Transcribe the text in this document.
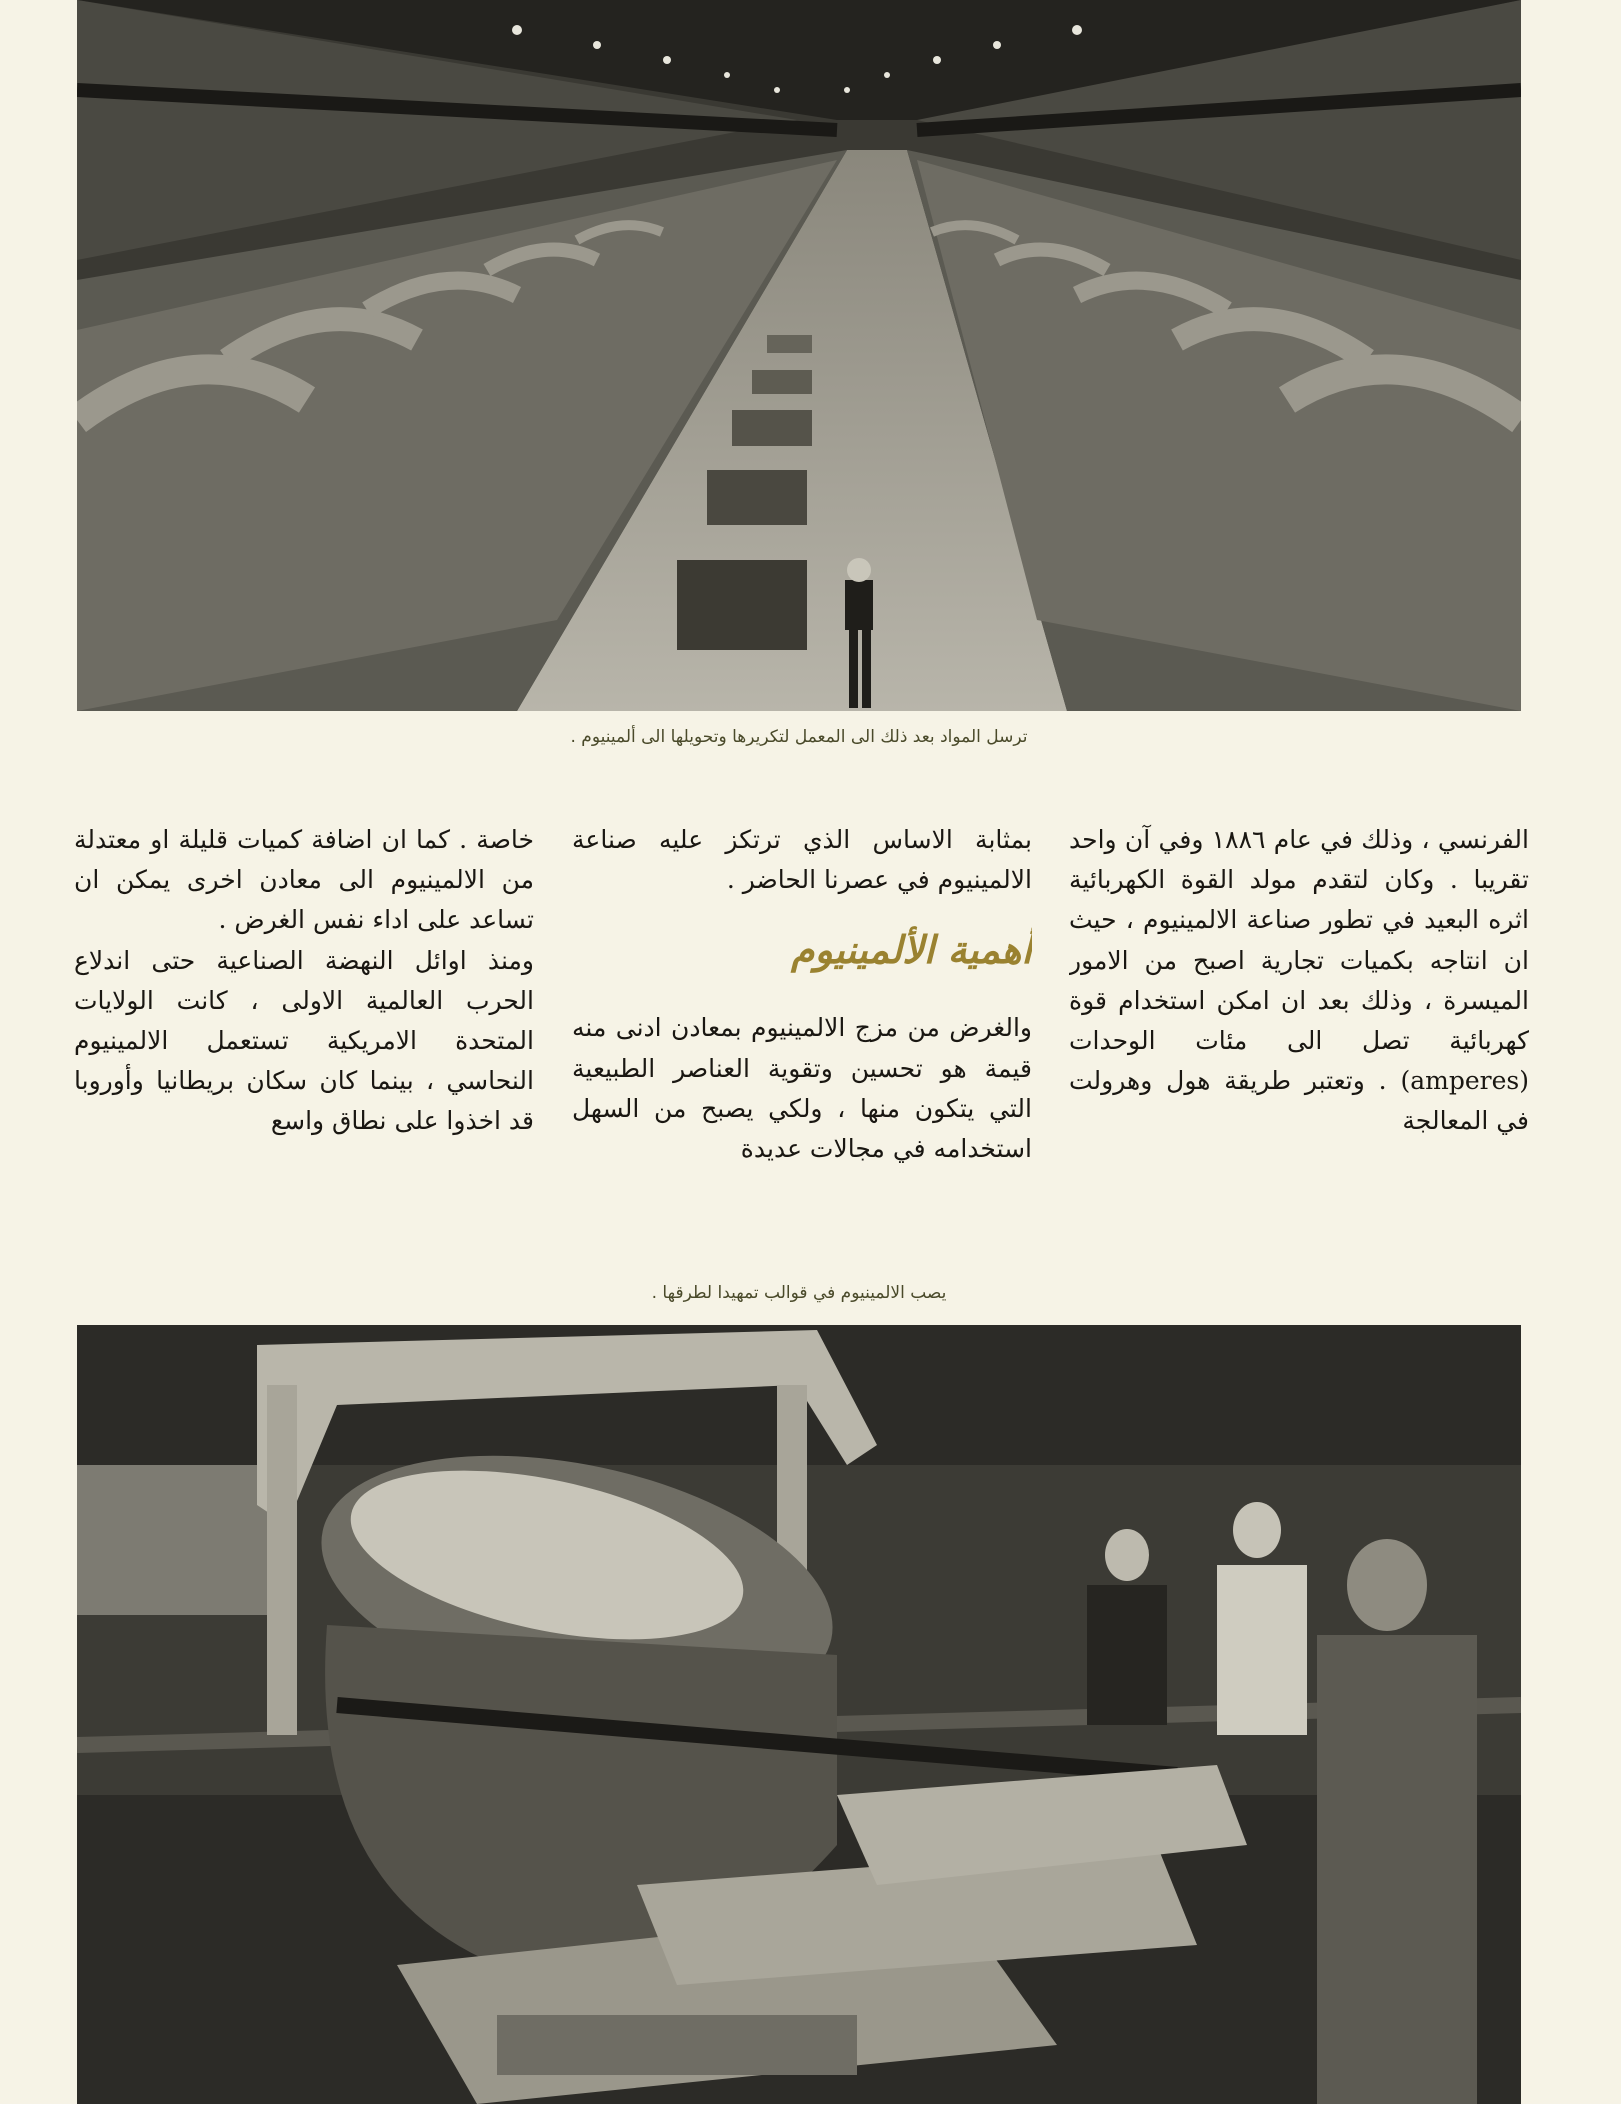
ترسل المواد بعد ذلك الى المعمل لتكريرها وتحويلها الى ألمينيوم .

الفرنسي ، وذلك في عام ١٨٨٦ وفي آن واحد تقريبا . وكان لتقدم مولد القوة الكهربائية اثره البعيد في تطور صناعة الالمينيوم ، حيث ان انتاجه بكميات تجارية اصبح من الامور الميسرة ، وذلك بعد ان امكن استخدام قوة كهربائية تصل الى مئات الوحدات (amperes) . وتعتبر طريقة هول وهرولت في المعالجة

بمثابة الاساس الذي ترتكز عليه صناعة الالمينيوم في عصرنا الحاضر .

أهمية الألمينيوم

والغرض من مزج الالمينيوم بمعادن ادنى منه قيمة هو تحسين وتقوية العناصر الطبيعية التي يتكون منها ، ولكي يصبح من السهل استخدامه في مجالات عديدة

خاصة . كما ان اضافة كميات قليلة او معتدلة من الالمينيوم الى معادن اخرى يمكن ان تساعد على اداء نفس الغرض .

ومنذ اوائل النهضة الصناعية حتى اندلاع الحرب العالمية الاولى ، كانت الولايات المتحدة الامريكية تستعمل الالمينيوم النحاسي ، بينما كان سكان بريطانيا وأوروبا قد اخذوا على نطاق واسع

يصب الالمينيوم في قوالب تمهيدا لطرقها .
